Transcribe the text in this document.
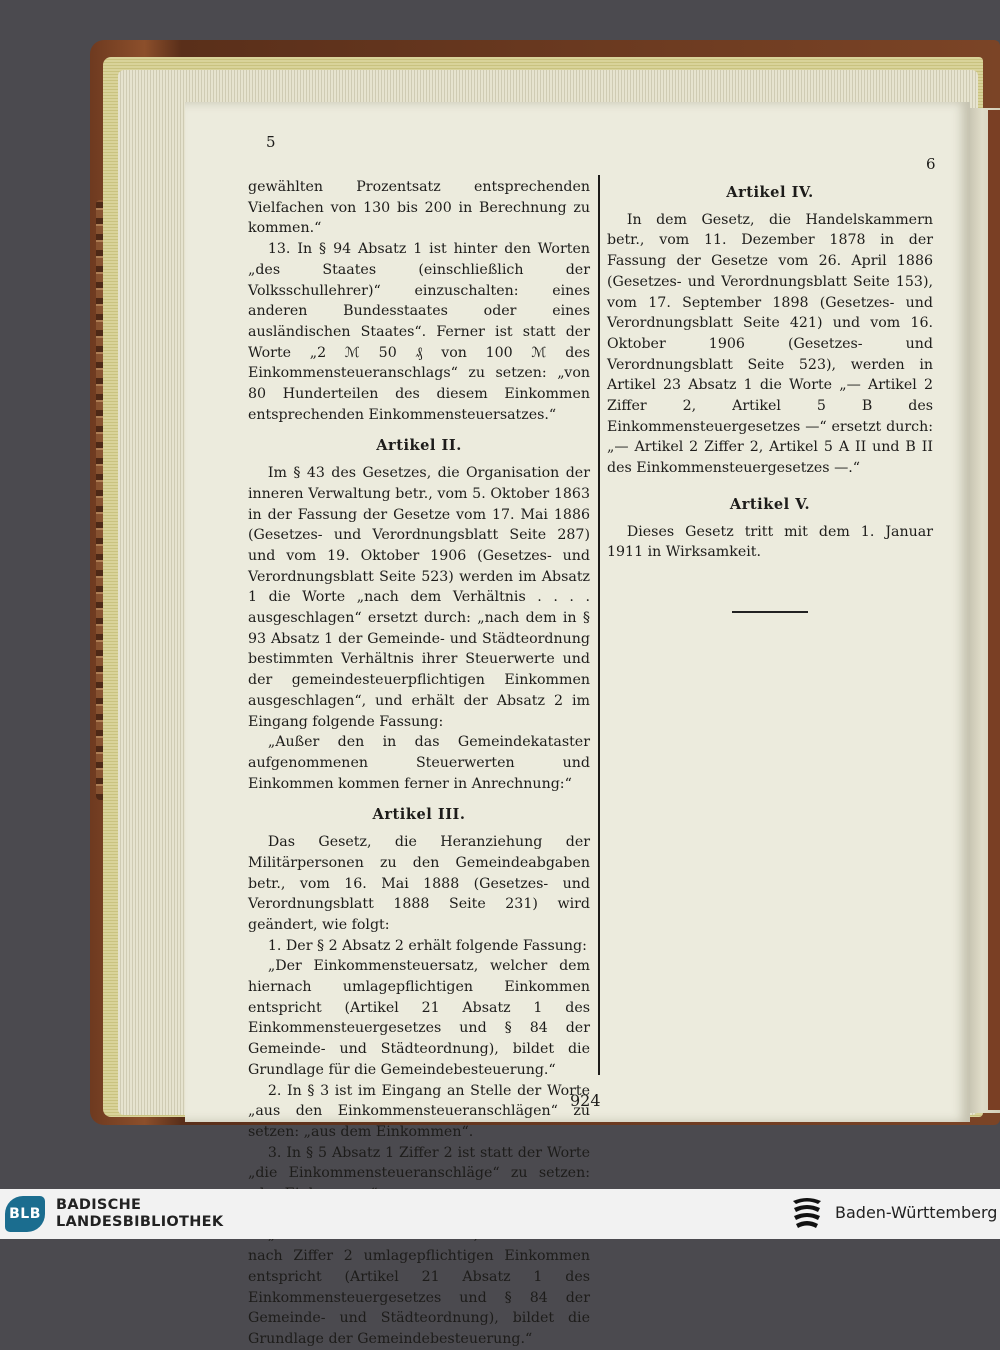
5
6

gewählten Prozentsatz entsprechenden Vielfachen von 130 bis 200 in Berechnung zu kommen.“

13. In § 94 Absatz 1 ist hinter den Worten „des Staates (einschließlich der Volksschullehrer)“ einzuschalten: eines anderen Bundesstaates oder eines ausländischen Staates“. Ferner ist statt der Worte „2 ℳ 50 ₰ von 100 ℳ des Einkommensteueranschlags“ zu setzen: „von 80 Hunderteilen des diesem Einkommen entsprechenden Einkommensteuersatzes.“

Artikel II.

Im § 43 des Gesetzes, die Organisation der inneren Verwaltung betr., vom 5. Oktober 1863 in der Fassung der Gesetze vom 17. Mai 1886 (Gesetzes- und Verordnungsblatt Seite 287) und vom 19. Oktober 1906 (Gesetzes- und Verordnungsblatt Seite 523) werden im Absatz 1 die Worte „nach dem Verhältnis . . . . ausgeschlagen“ ersetzt durch: „nach dem in § 93 Absatz 1 der Gemeinde- und Städteordnung bestimmten Verhältnis ihrer Steuerwerte und der gemeindesteuerpflichtigen Einkommen ausgeschlagen“, und erhält der Absatz 2 im Eingang folgende Fassung:

„Außer den in das Gemeindekataster aufgenommenen Steuerwerten und Einkommen kommen ferner in Anrechnung:“

Artikel III.

Das Gesetz, die Heranziehung der Militärpersonen zu den Gemeindeabgaben betr., vom 16. Mai 1888 (Gesetzes- und Verordnungsblatt 1888 Seite 231) wird geändert, wie folgt:

1. Der § 2 Absatz 2 erhält folgende Fassung:

„Der Einkommensteuersatz, welcher dem hiernach umlagepflichtigen Einkommen entspricht (Artikel 21 Absatz 1 des Einkommensteuergesetzes und § 84 der Gemeinde- und Städteordnung), bildet die Grundlage für die Gemeindebesteuerung.“

2. In § 3 ist im Eingang an Stelle der Worte „aus den Einkommensteueranschlägen“ zu setzen: „aus dem Einkommen“.

3. In § 5 Absatz 1 Ziffer 2 ist statt der Worte „die Einkommensteueranschläge“ zu setzen:

nach Ziffer 2 umlagepflichtigen Einkommen entspricht (Artikel 21 Absatz 1 des Einkommensteuergesetzes und § 84 der Gemeinde- und Städteordnung), bildet die Grundlage der Gemeindebesteuerung.“

Artikel IV.

In dem Gesetz, die Handelskammern betr., vom 11. Dezember 1878 in der Fassung der Gesetze vom 26. April 1886 (Gesetzes- und Verordnungsblatt Seite 153), vom 17. September 1898 (Gesetzes- und Verordnungsblatt Seite 421) und vom 16. Oktober 1906 (Gesetzes- und Verordnungsblatt Seite 523), werden in Artikel 23 Absatz 1 die Worte „— Artikel 2 Ziffer 2, Artikel 5 B des Einkommensteuergesetzes —“ ersetzt durch: „— Artikel 2 Ziffer 2, Artikel 5 A II und B II des Einkommensteuergesetzes —.“

Artikel V.

Dieses Gesetz tritt mit dem 1. Januar 1911 in Wirksamkeit.

924
BLB
BADISCHE
LANDESBIBLIOTHEK	Baden-Württemberg
